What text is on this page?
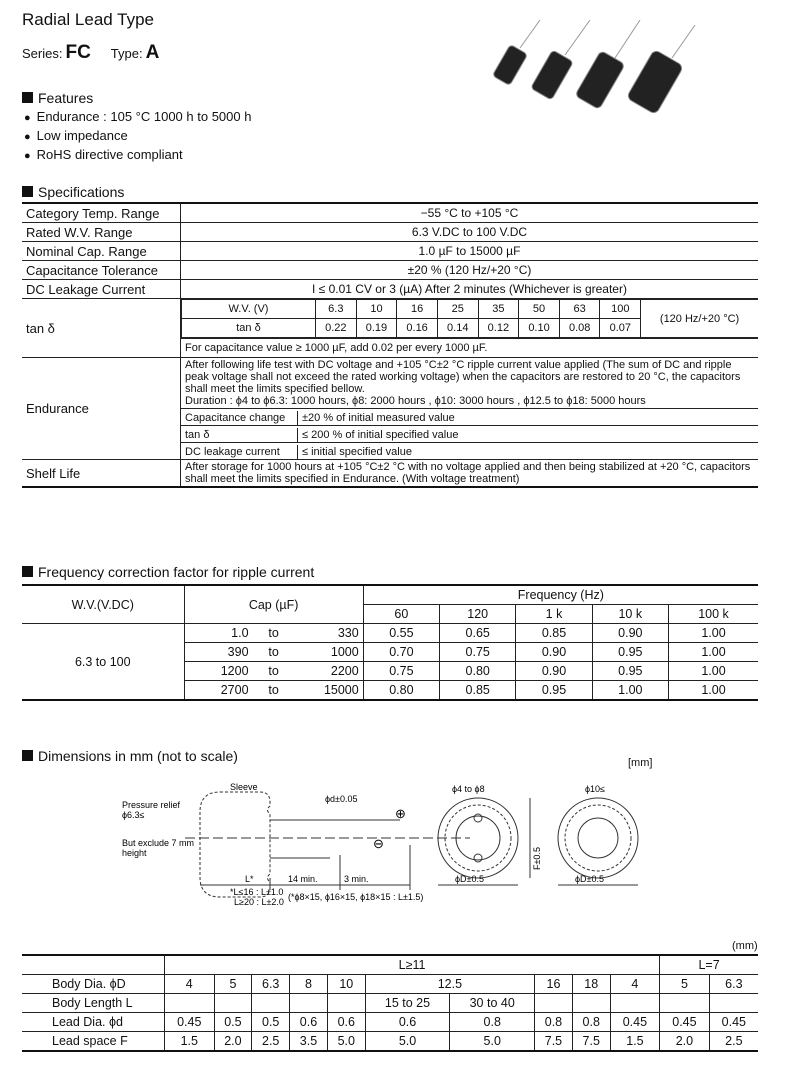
Radial Lead Type
Series: FC Type: A
Features
● Endurance : 105 °C 1000 h to 5000 h
● Low impedance
● RoHS directive compliant
Specifications
Category Temp. Range	−55 °C to +105 °C
Rated W.V. Range	6.3 V.DC to 100 V.DC
Nominal Cap. Range	1.0 µF to 15000 µF
Capacitance Tolerance	±20 % (120 Hz/+20 °C)
DC Leakage Current	I ≤ 0.01 CV or 3 (µA) After 2 minutes (Whichever is greater)
tan δ	
W.V. (V)	6.3	10	16	25	35	50	63	100	(120 Hz/+20 °C)
tan δ	0.22	0.19	0.16	0.14	0.12	0.10	0.08	0.07

For capacitance value ≥ 1000 µF, add 0.02 per every 1000 µF.
Endurance	
After following life test with DC voltage and +105 °C±2 °C ripple current value applied (The sum of DC and ripple peak voltage shall not exceed the rated working voltage) when the capacitors are restored to 20 °C, the capacitors shall meet the limits specified bellow.
Duration : ϕ4 to ϕ6.3: 1000 hours, ϕ8: 2000 hours , ϕ10: 3000 hours , ϕ12.5 to ϕ18: 5000 hours

Capacitance change ±20 % of initial measured value
tan δ	≤ 200 % of initial specified value
DC leakage current ≤ initial specified value
Shelf Life	After storage for 1000 hours at +105 °C±2 °C with no voltage applied and then being stabilized at +20 °C, capacitors shall meet the limits specified in Endurance. (With voltage treatment)
Frequency correction factor for ripple current
W.V.(V.DC)	Cap (µF)			Frequency (Hz)				
				60	120	1 k	10 k	100 k
6.3 to 100	1.0	to	330	0.55	0.65	0.85	0.90	1.00
	390	to	1000	0.70	0.75	0.90	0.95	1.00
	1200	to	2200	0.75	0.80	0.90	0.95	1.00
	2700	to	15000	0.80	0.85	0.95	1.00	1.00
Dimensions in mm (not to scale)	[mm]
Sleeve
Pressure relief
ϕ6.3≤
But exclude 7 mm
height
ϕd±0.05
⊕
⊖
L*	14 min.	3 min.
ϕ4 to ϕ8	ϕ10≤
ϕD±0.5	ϕD±0.5
F±0.5
*L≤16 : L±1.0
L≥20 : L±2.0 (*ϕ8×15, ϕ16×15, ϕ18×15 : L±1.5)
(mm)
	L≥11										L=7	
Body Dia. ϕD	4	5	6.3	8	10	12.5		16	18	4	5	6.3
Body Length L						15 to 25	30 to 40					
Lead Dia. ϕd	0.45	0.5	0.5	0.6	0.6	0.6	0.8	0.8	0.8	0.45	0.45	0.45
Lead space F	1.5	2.0	2.5	3.5	5.0	5.0	5.0	7.5	7.5	1.5	2.0	2.5
